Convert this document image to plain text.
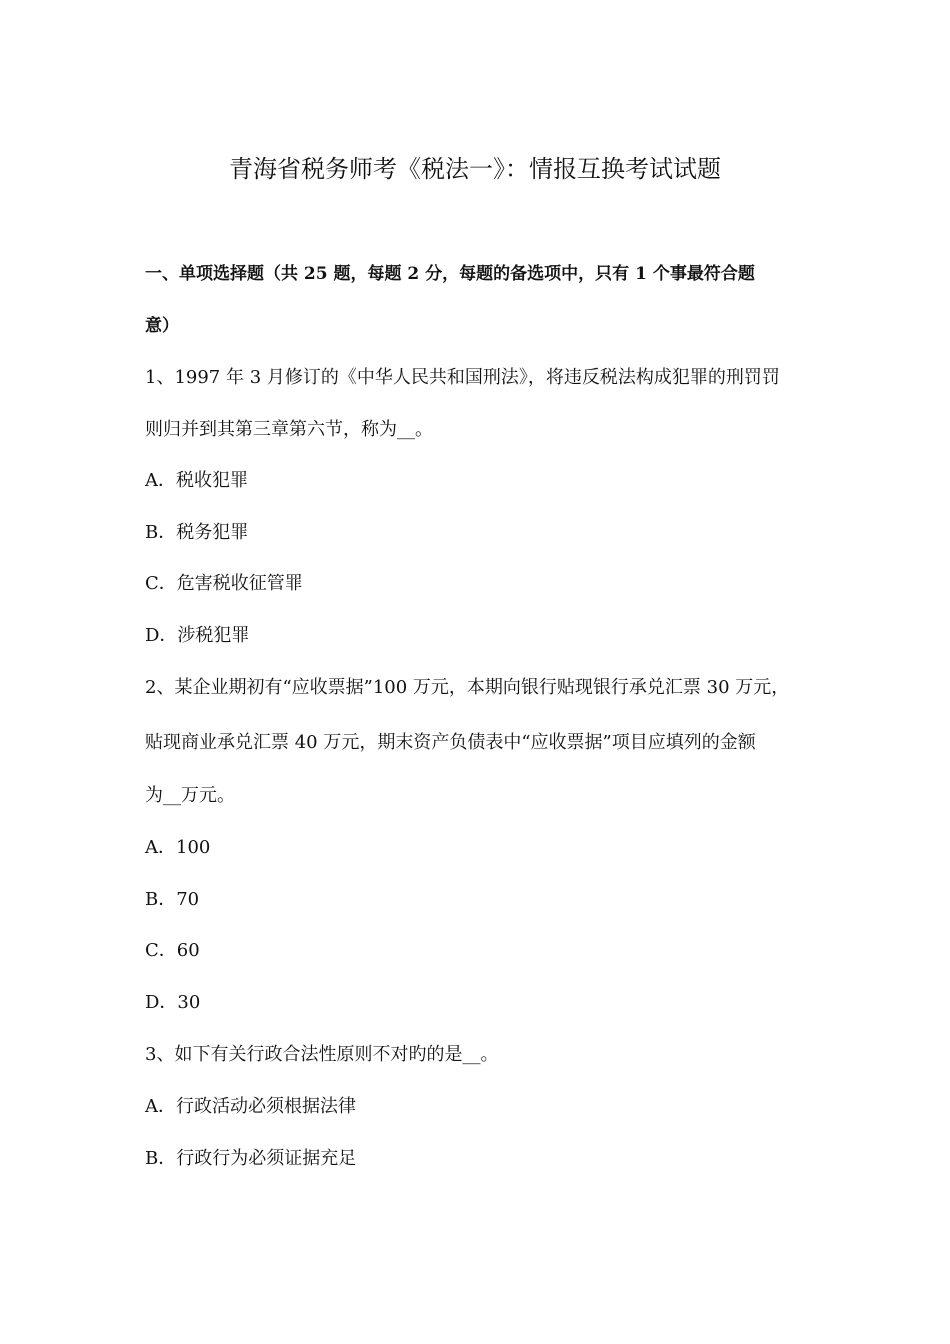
青海省税务师考《税法一》：情报互换考试试题
一、单项选择题（共 25 题，每题 2 分，每题的备选项中，只有 1 个事最符合题
意）
1、1997 年 3 月修订的《中华人民共和国刑法》，将违反税法构成犯罪的刑罚罚
则归并到其第三章第六节，称为__。
A．税收犯罪
B．税务犯罪
C．危害税收征管罪
D．涉税犯罪
2、某企业期初有“应收票据”100 万元，本期向银行贴现银行承兑汇票 30 万元，
贴现商业承兑汇票 40 万元，期末资产负债表中“应收票据”项目应填列的金额
为__万元。
A．100
B．70
C．60
D．30
3、如下有关行政合法性原则不对旳的是__。
A．行政活动必须根据法律
B．行政行为必须证据充足
